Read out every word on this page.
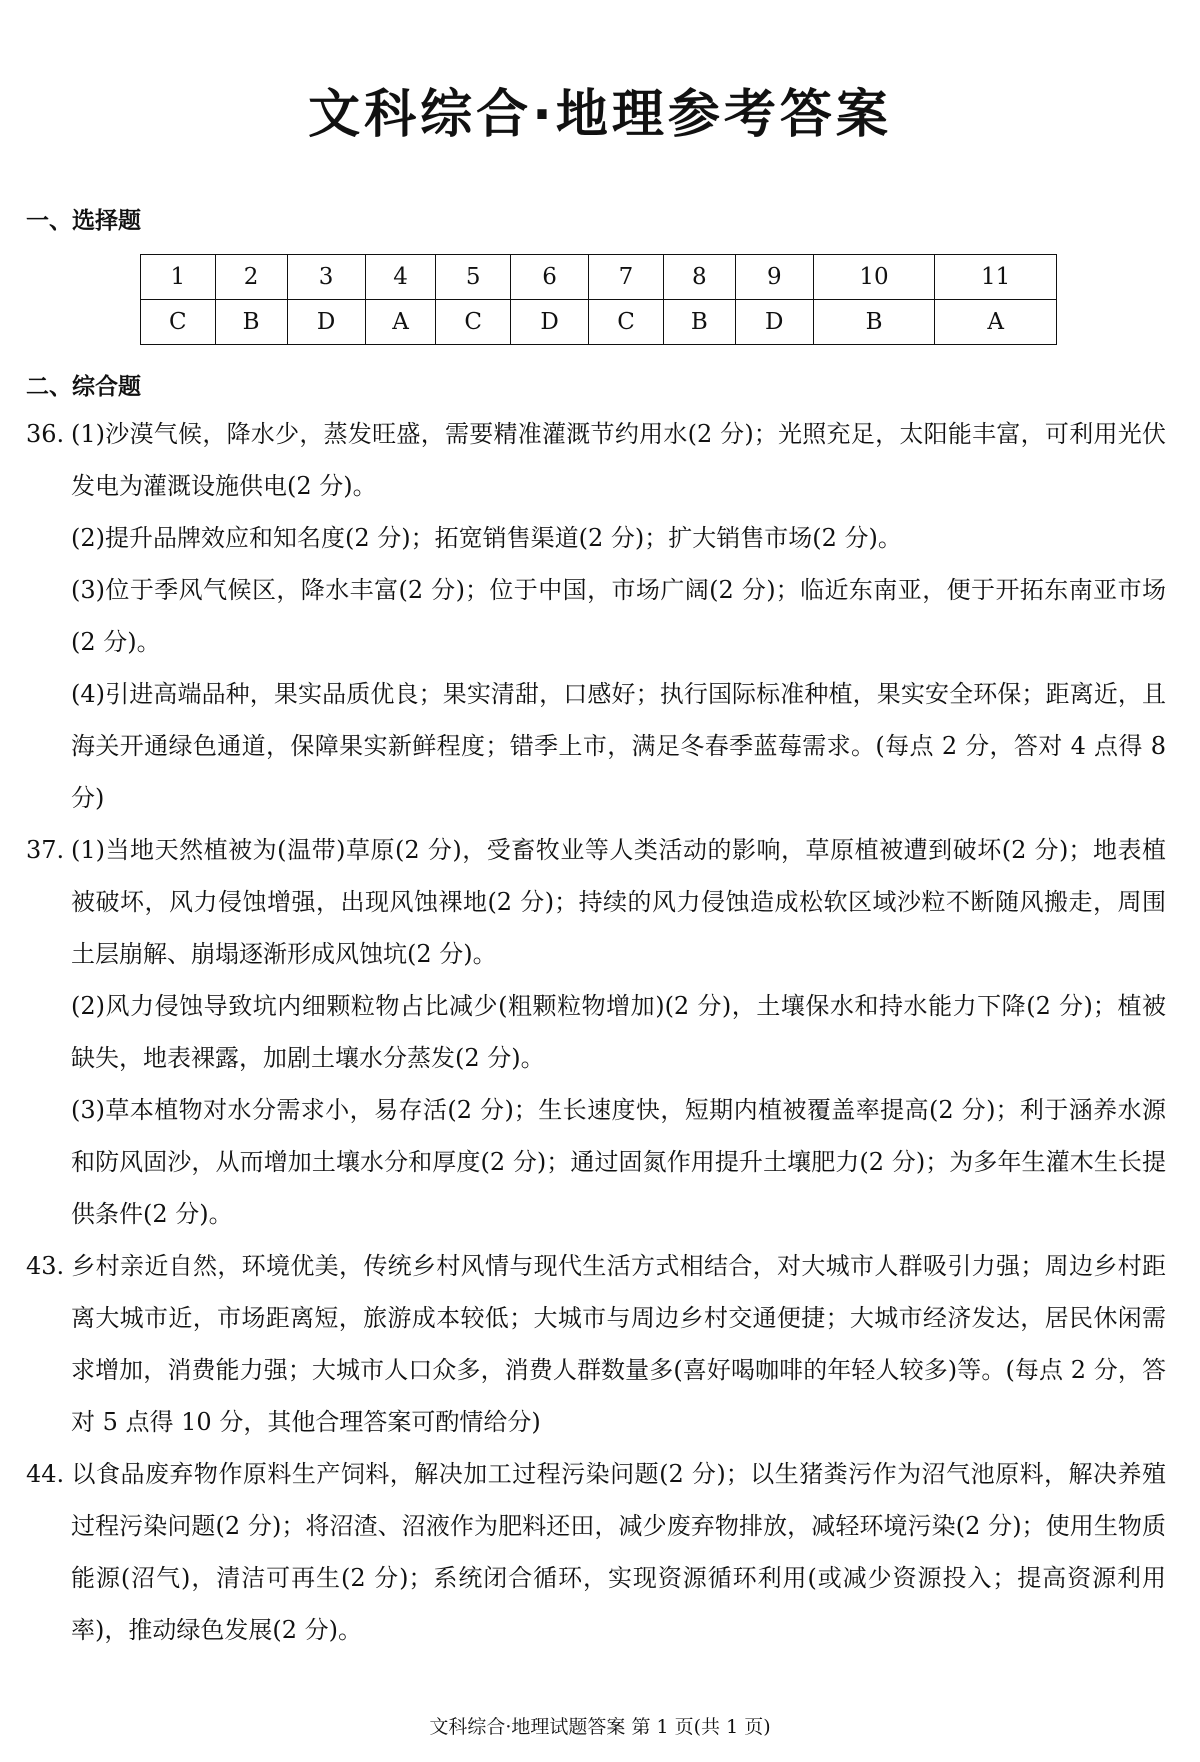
文科综合·地理参考答案
一、选择题
1	2	3	4	5	6	7	8	9	10	11
C	B	D	A	C	D	C	B	D	B	A
二、综合题
36. (1)沙漠气候，降水少，蒸发旺盛，需要精准灌溉节约用水(2 分)；光照充足，太阳能丰富，可利用光伏发电为灌溉设施供电(2 分)。
(2)提升品牌效应和知名度(2 分)；拓宽销售渠道(2 分)；扩大销售市场(2 分)。
(3)位于季风气候区，降水丰富(2 分)；位于中国，市场广阔(2 分)；临近东南亚，便于开拓东南亚市场(2 分)。
(4)引进高端品种，果实品质优良；果实清甜，口感好；执行国际标准种植，果实安全环保；距离近，且海关开通绿色通道，保障果实新鲜程度；错季上市，满足冬春季蓝莓需求。(每点 2 分，答对 4 点得 8 分)
37. (1)当地天然植被为(温带)草原(2 分)，受畜牧业等人类活动的影响，草原植被遭到破坏(2 分)；地表植被破坏，风力侵蚀增强，出现风蚀裸地(2 分)；持续的风力侵蚀造成松软区域沙粒不断随风搬走，周围土层崩解、崩塌逐渐形成风蚀坑(2 分)。
(2)风力侵蚀导致坑内细颗粒物占比减少(粗颗粒物增加)(2 分)，土壤保水和持水能力下降(2 分)；植被缺失，地表裸露，加剧土壤水分蒸发(2 分)。
(3)草本植物对水分需求小，易存活(2 分)；生长速度快，短期内植被覆盖率提高(2 分)；利于涵养水源和防风固沙，从而增加土壤水分和厚度(2 分)；通过固氮作用提升土壤肥力(2 分)；为多年生灌木生长提供条件(2 分)。
43. 乡村亲近自然，环境优美，传统乡村风情与现代生活方式相结合，对大城市人群吸引力强；周边乡村距离大城市近，市场距离短，旅游成本较低；大城市与周边乡村交通便捷；大城市经济发达，居民休闲需求增加，消费能力强；大城市人口众多，消费人群数量多(喜好喝咖啡的年轻人较多)等。(每点 2 分，答对 5 点得 10 分，其他合理答案可酌情给分)
44. 以食品废弃物作原料生产饲料，解决加工过程污染问题(2 分)；以生猪粪污作为沼气池原料，解决养殖过程污染问题(2 分)；将沼渣、沼液作为肥料还田，减少废弃物排放，减轻环境污染(2 分)；使用生物质能源(沼气)，清洁可再生(2 分)；系统闭合循环，实现资源循环利用(或减少资源投入；提高资源利用率)，推动绿色发展(2 分)。
文科综合·地理试题答案 第 1 页(共 1 页)
